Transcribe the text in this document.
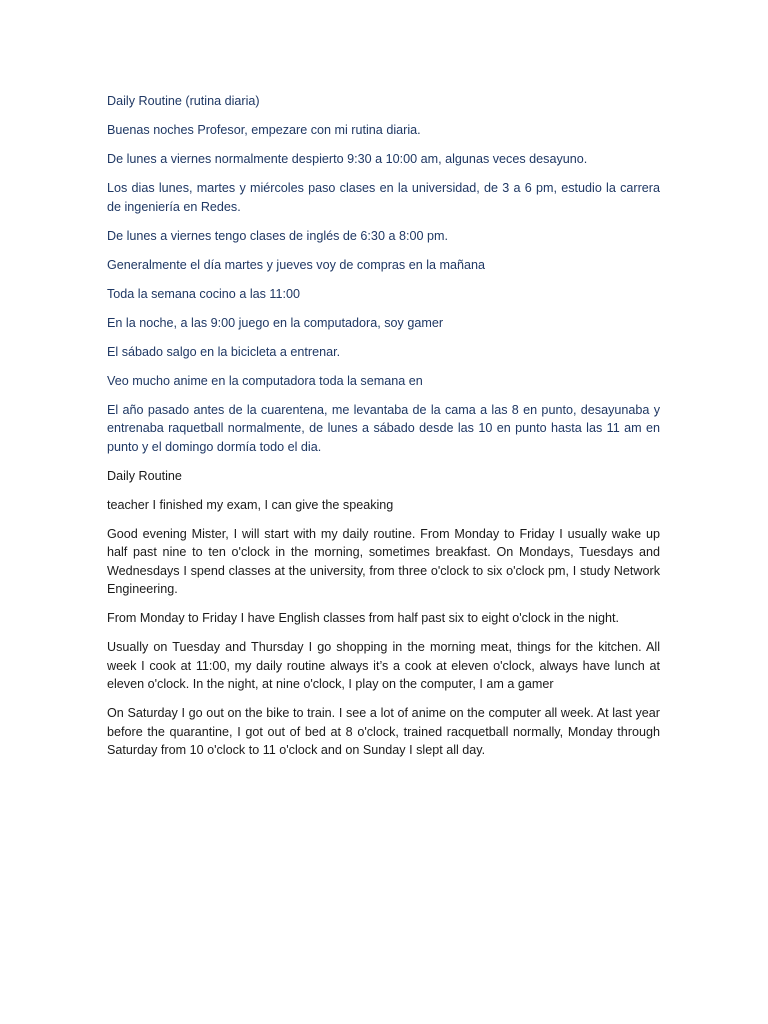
Daily Routine (rutina diaria)

Buenas noches Profesor, empezare con mi rutina diaria.

De lunes a viernes normalmente despierto 9:30 a 10:00 am, algunas veces desayuno.

Los dias lunes, martes y miércoles paso clases en la universidad, de 3 a 6 pm, estudio la carrera de ingeniería en Redes.

De lunes a viernes tengo clases de inglés de 6:30 a 8:00 pm.

Generalmente el día martes y jueves voy de compras en la mañana

Toda la semana cocino a las 11:00

En la noche, a las 9:00 juego en la computadora, soy gamer

El sábado salgo en la bicicleta a entrenar.

Veo mucho anime en la computadora toda la semana en

El año pasado antes de la cuarentena, me levantaba de la cama a las 8 en punto, desayunaba y entrenaba raquetball normalmente, de lunes a sábado desde las 10 en punto hasta las 11 am en punto y el domingo dormía todo el dia.

Daily Routine

teacher I finished my exam, I can give the speaking

Good evening Mister, I will start with my daily routine. From Monday to Friday I usually wake up half past nine to ten o'clock in the morning, sometimes breakfast. On Mondays, Tuesdays and Wednesdays I spend classes at the university, from three o'clock to six o'clock pm, I study Network Engineering.

From Monday to Friday I have English classes from half past six to eight o'clock in the night.

Usually on Tuesday and Thursday I go shopping in the morning meat, things for the kitchen. All week I cook at 11:00, my daily routine always it’s a cook at eleven o'clock, always have lunch at eleven o'clock. In the night, at nine o'clock, I play on the computer, I am a gamer

On Saturday I go out on the bike to train. I see a lot of anime on the computer all week. At last year before the quarantine, I got out of bed at 8 o'clock, trained racquetball normally, Monday through Saturday from 10 o'clock to 11 o'clock and on Sunday I slept all day.
